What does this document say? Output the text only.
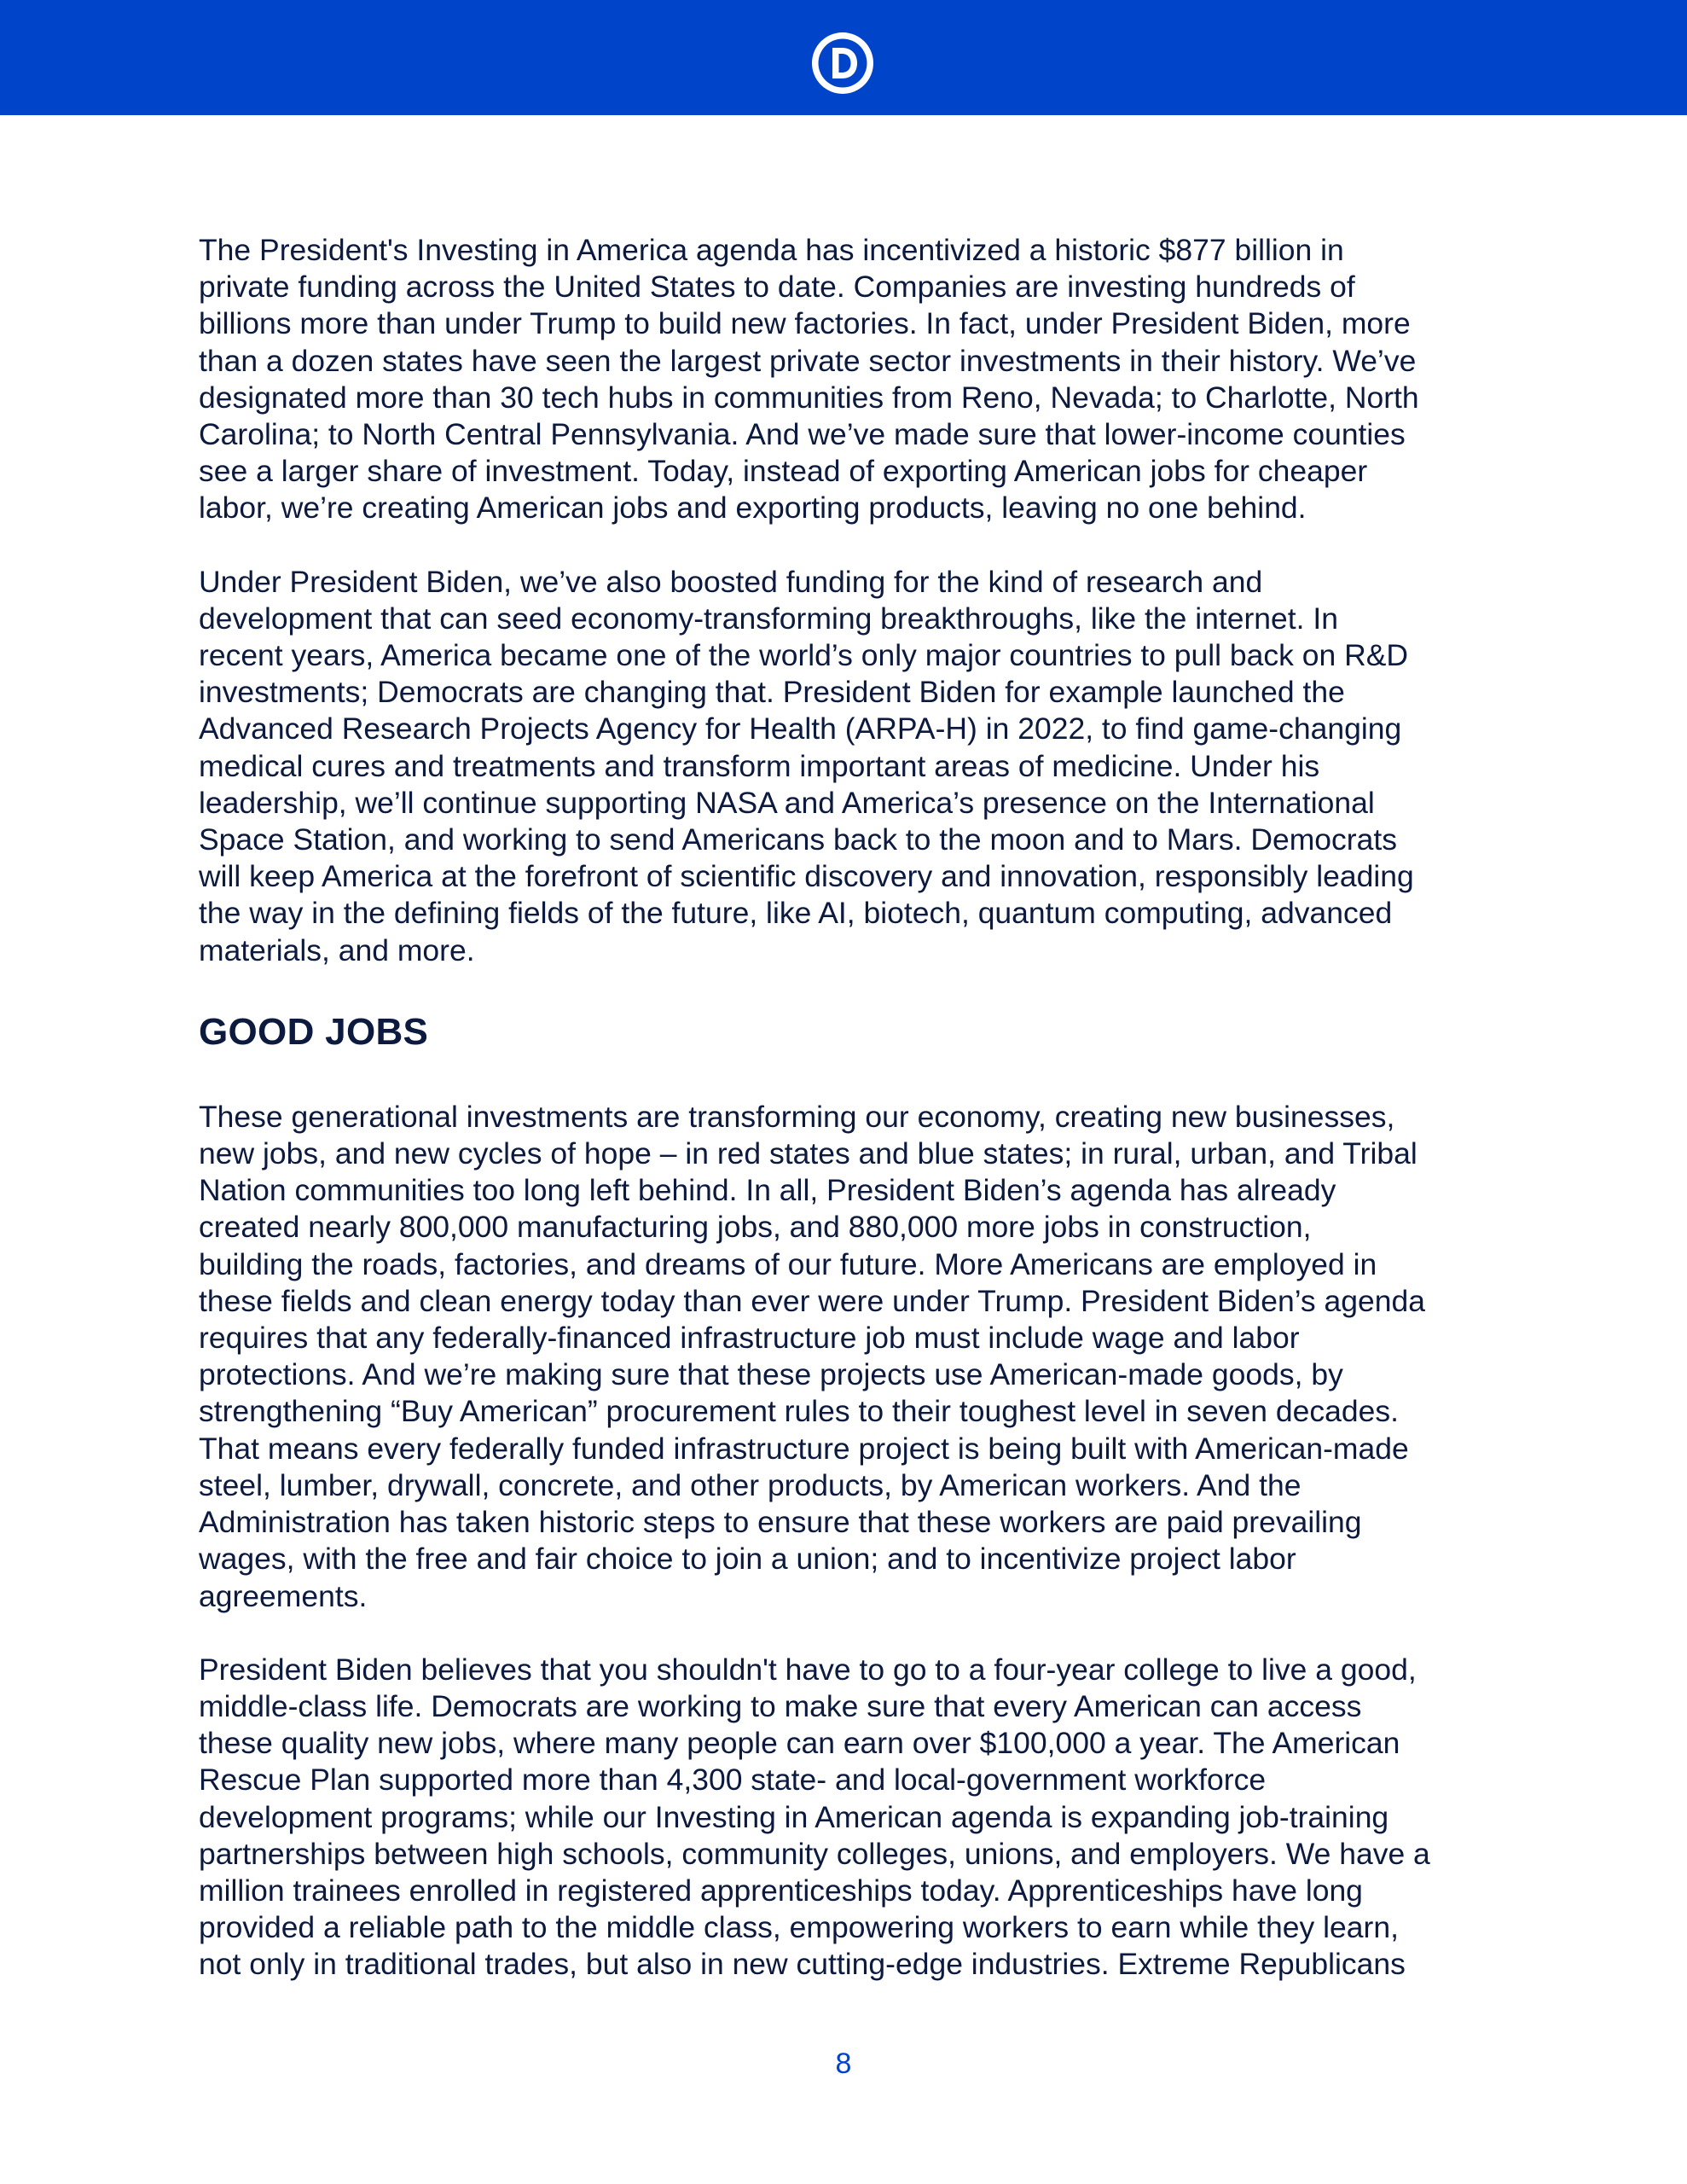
The President's Investing in America agenda has incentivized a historic $877 billion in
private funding across the United States to date. Companies are investing hundreds of
billions more than under Trump to build new factories. In fact, under President Biden, more
than a dozen states have seen the largest private sector investments in their history. We’ve
designated more than 30 tech hubs in communities from Reno, Nevada; to Charlotte, North
Carolina; to North Central Pennsylvania. And we’ve made sure that lower-income counties
see a larger share of investment. Today, instead of exporting American jobs for cheaper
labor, we’re creating American jobs and exporting products, leaving no one behind.

Under President Biden, we’ve also boosted funding for the kind of research and
development that can seed economy-transforming breakthroughs, like the internet. In
recent years, America became one of the world’s only major countries to pull back on R&D
investments; Democrats are changing that. President Biden for example launched the
Advanced Research Projects Agency for Health (ARPA-H) in 2022, to find game-changing
medical cures and treatments and transform important areas of medicine. Under his
leadership, we’ll continue supporting NASA and America’s presence on the International
Space Station, and working to send Americans back to the moon and to Mars. Democrats
will keep America at the forefront of scientific discovery and innovation, responsibly leading
the way in the defining fields of the future, like AI, biotech, quantum computing, advanced
materials, and more.

GOOD JOBS

These generational investments are transforming our economy, creating new businesses,
new jobs, and new cycles of hope – in red states and blue states; in rural, urban, and Tribal
Nation communities too long left behind. In all, President Biden’s agenda has already
created nearly 800,000 manufacturing jobs, and 880,000 more jobs in construction,
building the roads, factories, and dreams of our future. More Americans are employed in
these fields and clean energy today than ever were under Trump. President Biden’s agenda
requires that any federally-financed infrastructure job must include wage and labor
protections. And we’re making sure that these projects use American-made goods, by
strengthening “Buy American” procurement rules to their toughest level in seven decades.
That means every federally funded infrastructure project is being built with American-made
steel, lumber, drywall, concrete, and other products, by American workers. And the
Administration has taken historic steps to ensure that these workers are paid prevailing
wages, with the free and fair choice to join a union; and to incentivize project labor
agreements.

President Biden believes that you shouldn't have to go to a four-year college to live a good,
middle-class life. Democrats are working to make sure that every American can access
these quality new jobs, where many people can earn over $100,000 a year. The American
Rescue Plan supported more than 4,300 state- and local-government workforce
development programs; while our Investing in American agenda is expanding job-training
partnerships between high schools, community colleges, unions, and employers. We have a
million trainees enrolled in registered apprenticeships today. Apprenticeships have long
provided a reliable path to the middle class, empowering workers to earn while they learn,
not only in traditional trades, but also in new cutting-edge industries. Extreme Republicans

8
